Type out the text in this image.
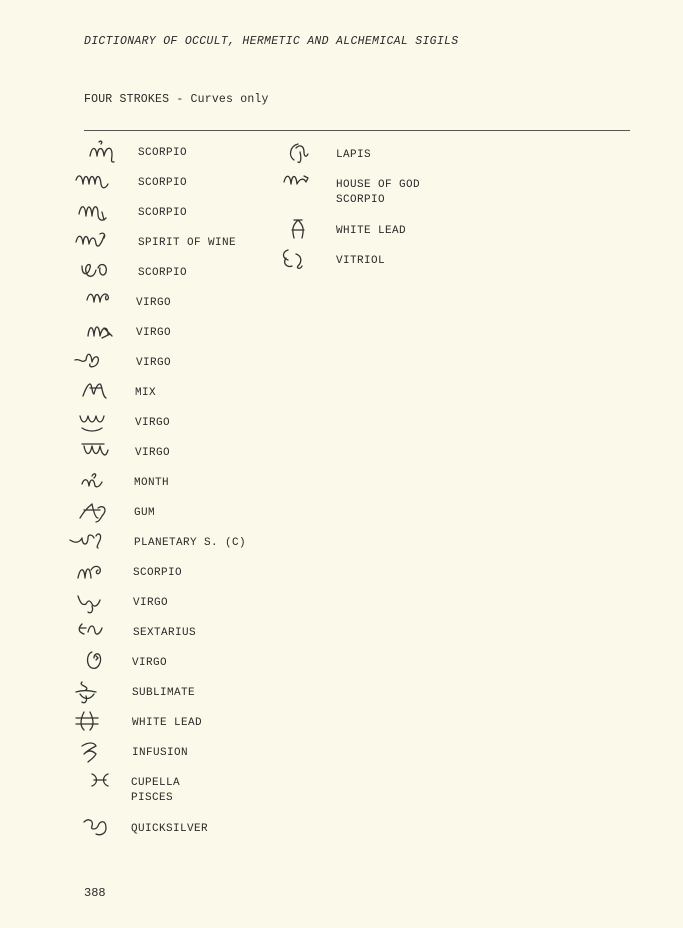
DICTIONARY OF OCCULT, HERMETIC AND ALCHEMICAL SIGILS
FOUR STROKES - Curves only
SCORPIO
SCORPIO
SCORPIO
SPIRIT OF WINE
SCORPIO
VIRGO
VIRGO
VIRGO
MIX
VIRGO
VIRGO
MONTH
GUM
PLANETARY S. (C)
SCORPIO
VIRGO
SEXTARIUS
VIRGO
SUBLIMATE
WHITE LEAD
INFUSION
CUPELLA
PISCES
QUICKSILVER
LAPIS
HOUSE OF GOD
SCORPIO
WHITE LEAD
VITRIOL
388
